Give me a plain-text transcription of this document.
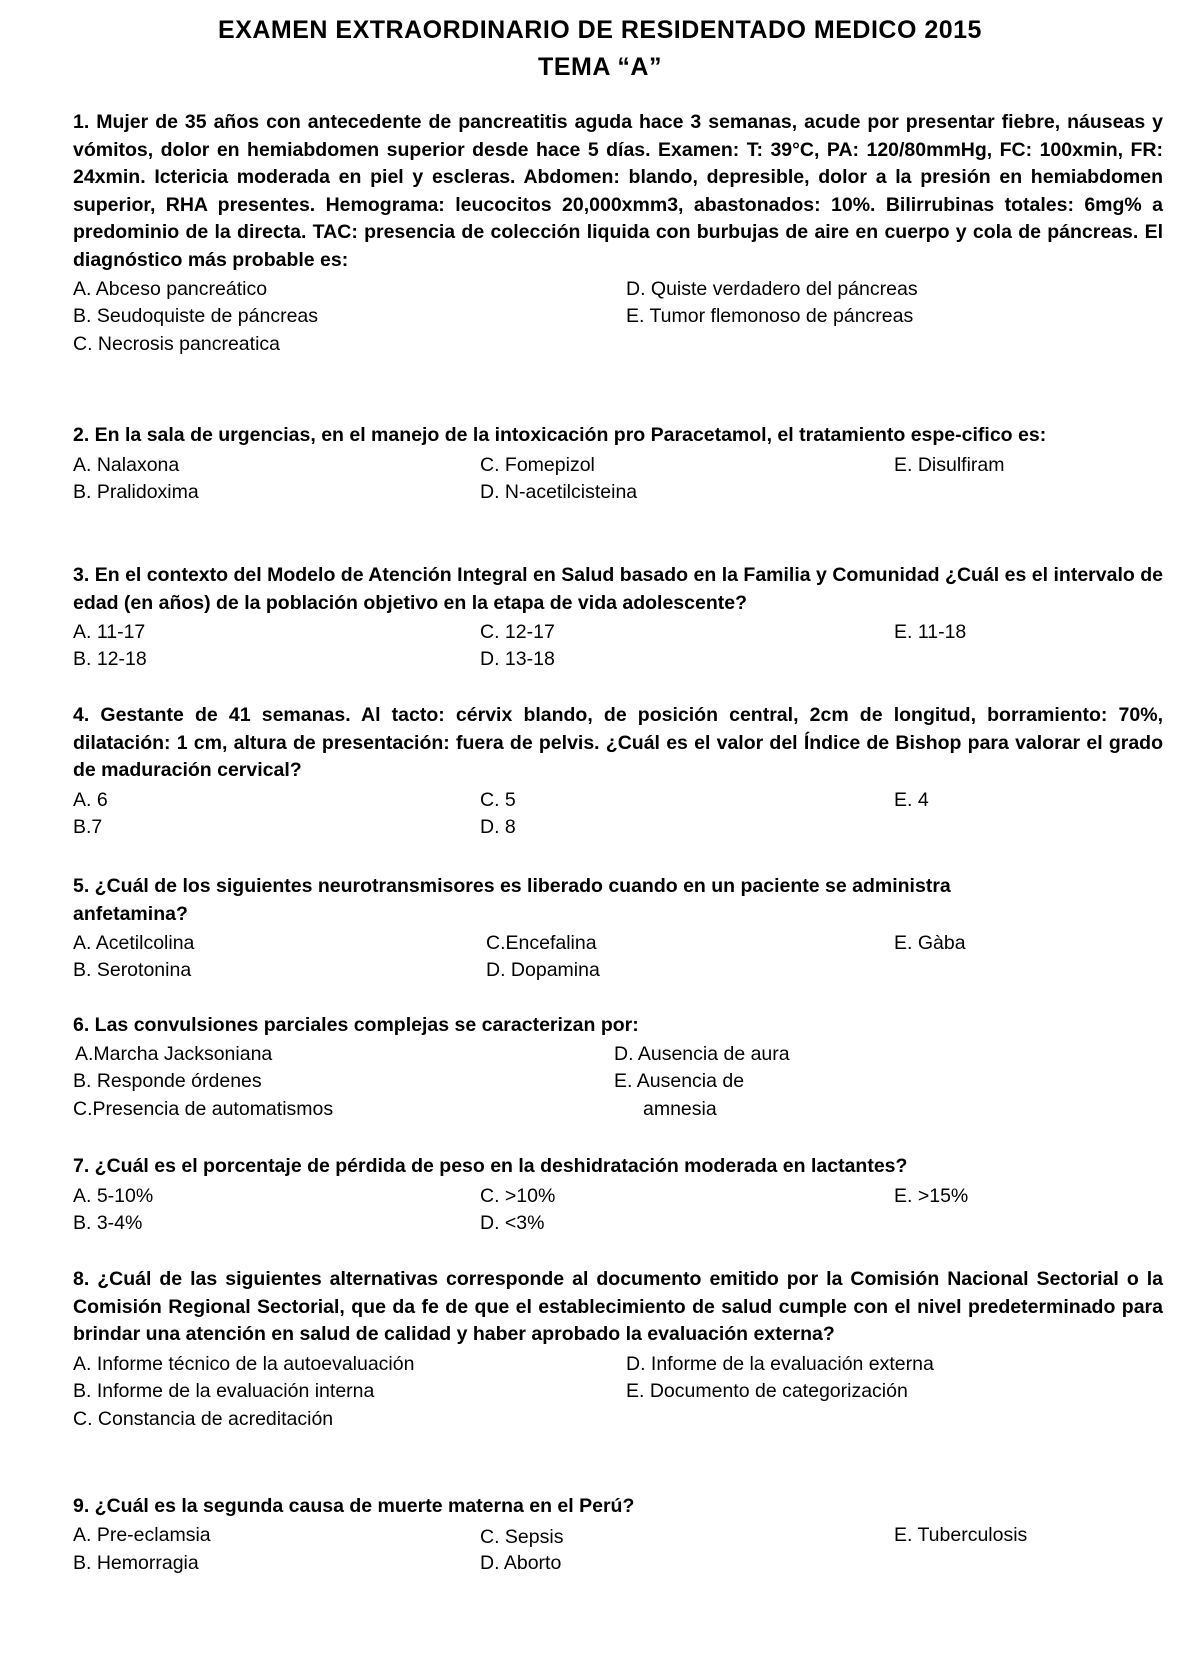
EXAMEN EXTRAORDINARIO DE RESIDENTADO MEDICO 2015
TEMA “A”

1. Mujer de 35 años con antecedente de pancreatitis aguda hace 3 semanas, acude por presentar fiebre, náuseas y vómitos, dolor en hemiabdomen superior desde hace 5 días. Examen: T: 39°C, PA: 120/80mmHg, FC: 100xmin, FR: 24xmin. Ictericia moderada en piel y escleras. Abdomen: blando, depresible, dolor a la presión en hemiabdomen superior, RHA presentes. Hemograma: leucocitos 20,000xmm3, abastonados: 10%. Bilirrubinas totales: 6mg% a predominio de la directa. TAC: presencia de colección liquida con burbujas de aire en cuerpo y cola de páncreas. El diagnóstico más probable es:

A. Abceso pancreático
B. Seudoquiste de páncreas
C. Necrosis pancreatica
D. Quiste verdadero del páncreas
E. Tumor flemonoso de páncreas

2. En la sala de urgencias, en el manejo de la intoxicación pro Paracetamol, el tratamiento espe-cifico es:

A. Nalaxona
B. Pralidoxima
C. Fomepizol
D. N-acetilcisteina
E. Disulfiram

3. En el contexto del Modelo de Atención Integral en Salud basado en la Familia y Comunidad ¿Cuál es el intervalo de edad (en años) de la población objetivo en la etapa de vida adolescente?

A. 11-17
B. 12-18
C. 12-17
D. 13-18
E. 11-18

4. Gestante de 41 semanas. Al tacto: cérvix blando, de posición central, 2cm de longitud, borramiento: 70%, dilatación: 1 cm, altura de presentación: fuera de pelvis. ¿Cuál es el valor del Índice de Bishop para valorar el grado de maduración cervical?

A. 6
B.7
C. 5
D. 8
E. 4

5. ¿Cuál de los siguientes neurotransmisores es liberado cuando en un paciente se administra anfetamina?

A. Acetilcolina
B. Serotonina
C.Encefalina
D. Dopamina
E. Gàba

6. Las convulsiones parciales complejas se caracterizan por:

A.Marcha Jacksoniana
B. Responde órdenes
C.Presencia de automatismos
D. Ausencia de aura
E. Ausencia de
amnesia

7. ¿Cuál es el porcentaje de pérdida de peso en la deshidratación moderada en lactantes?

A. 5-10%
B. 3-4%
C. >10%
D. <3%
E. >15%

8. ¿Cuál de las siguientes alternativas corresponde al documento emitido por la Comisión Nacional Sectorial o la Comisión Regional Sectorial, que da fe de que el establecimiento de salud cumple con el nivel predeterminado para brindar una atención en salud de calidad y haber aprobado la evaluación externa?

A. Informe técnico de la autoevaluación
B. Informe de la evaluación interna
C. Constancia de acreditación
D. Informe de la evaluación externa
E. Documento de categorización

9. ¿Cuál es la segunda causa de muerte materna en el Perú?

A. Pre-eclamsia
B. Hemorragia
C. Sepsis
D. Aborto
E. Tuberculosis
